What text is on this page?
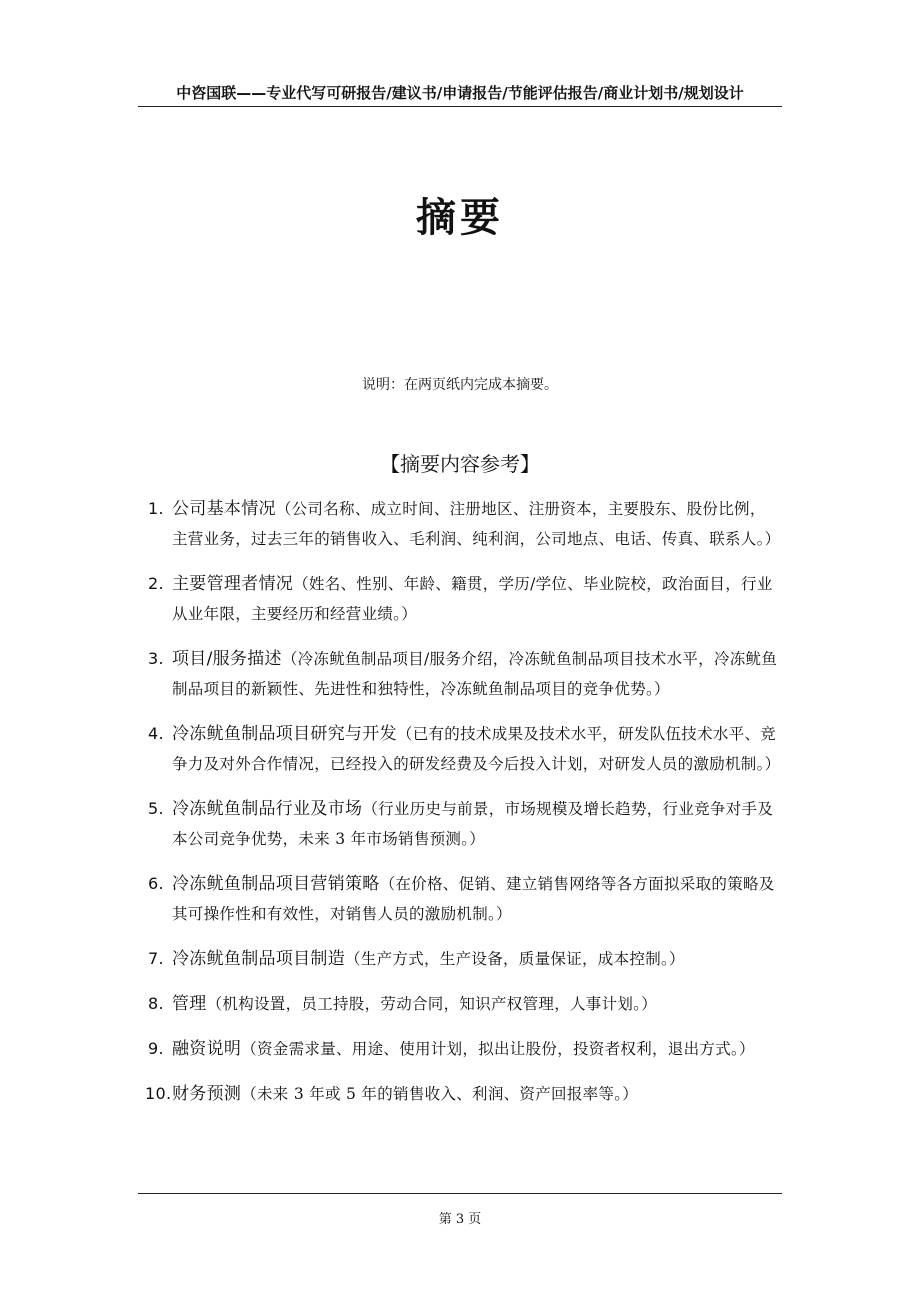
中咨国联——专业代写可研报告/建议书/申请报告/节能评估报告/商业计划书/规划设计
摘要
说明：在两页纸内完成本摘要。
【摘要内容参考】
1. 公司基本情况（公司名称、成立时间、注册地区、注册资本，主要股东、股份比例，主营业务，过去三年的销售收入、毛利润、纯利润，公司地点、电话、传真、联系人。）
2. 主要管理者情况（姓名、性别、年龄、籍贯，学历/学位、毕业院校，政治面目，行业从业年限，主要经历和经营业绩。）
3. 项目/服务描述（冷冻鱿鱼制品项目/服务介绍，冷冻鱿鱼制品项目技术水平，冷冻鱿鱼制品项目的新颖性、先进性和独特性，冷冻鱿鱼制品项目的竞争优势。）
4. 冷冻鱿鱼制品项目研究与开发（已有的技术成果及技术水平，研发队伍技术水平、竞争力及对外合作情况，已经投入的研发经费及今后投入计划，对研发人员的激励机制。）
5. 冷冻鱿鱼制品行业及市场（行业历史与前景，市场规模及增长趋势，行业竞争对手及本公司竞争优势，未来 3 年市场销售预测。）
6. 冷冻鱿鱼制品项目营销策略（在价格、促销、建立销售网络等各方面拟采取的策略及其可操作性和有效性，对销售人员的激励机制。）
7. 冷冻鱿鱼制品项目制造（生产方式，生产设备，质量保证，成本控制。）
8. 管理（机构设置，员工持股，劳动合同，知识产权管理，人事计划。）
9. 融资说明（资金需求量、用途、使用计划，拟出让股份，投资者权利，退出方式。）
10. 财务预测（未来 3 年或 5 年的销售收入、利润、资产回报率等。）
第 3 页
